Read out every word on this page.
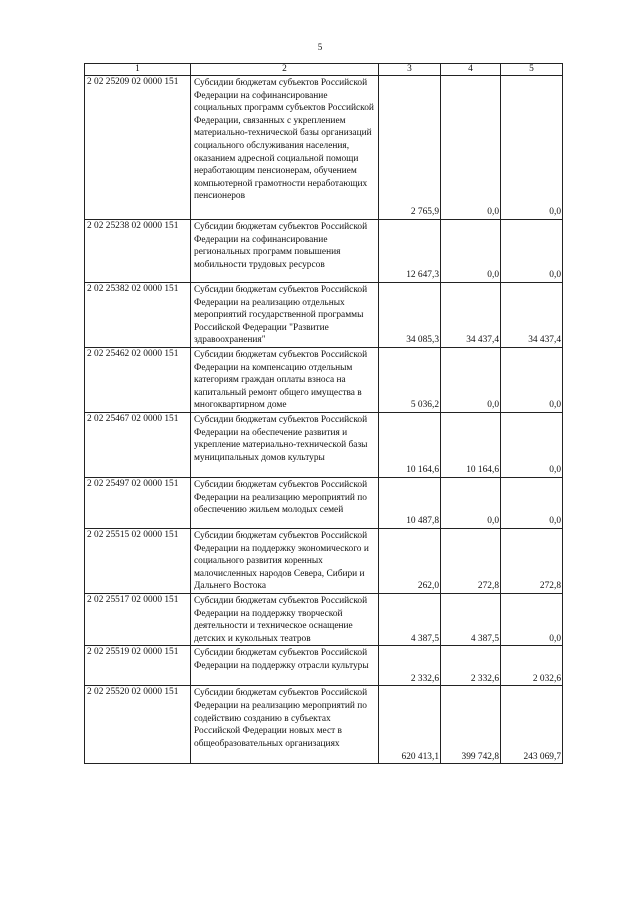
5
1	2	3	4	5
2 02 25209 02 0000 151	Субсидии бюджетам субъектов Российской Федерации на софинансирование социальных программ субъектов Российской Федерации, связанных с укреплением материально-технической базы организаций социального обслуживания населения, оказанием адресной социальной помощи неработающим пенсионерам, обучением компьютерной грамотности неработающих пенсионеров	2 765,9	0,0	0,0
2 02 25238 02 0000 151	Субсидии бюджетам субъектов Российской Федерации на софинансирование региональных программ повышения мобильности трудовых ресурсов	12 647,3	0,0	0,0
2 02 25382 02 0000 151	Субсидии бюджетам субъектов Российской Федерации на реализацию отдельных мероприятий государственной программы Российской Федерации "Развитие здравоохранения"	34 085,3	34 437,4	34 437,4
2 02 25462 02 0000 151	Субсидии бюджетам субъектов Российской Федерации на компенсацию отдельным категориям граждан оплаты взноса на капитальный ремонт общего имущества в многоквартирном доме	5 036,2	0,0	0,0
2 02 25467 02 0000 151	Субсидии бюджетам субъектов Российской Федерации на обеспечение развития и укрепление материально-технической базы муниципальных домов культуры	10 164,6	10 164,6	0,0
2 02 25497 02 0000 151	Субсидии бюджетам субъектов Российской Федерации на реализацию мероприятий по обеспечению жильем молодых семей	10 487,8	0,0	0,0
2 02 25515 02 0000 151	Субсидии бюджетам субъектов Российской Федерации на поддержку экономического и социального развития коренных малочисленных народов Севера, Сибири и Дальнего Востока	262,0	272,8	272,8
2 02 25517 02 0000 151	Субсидии бюджетам субъектов Российской Федерации на поддержку творческой деятельности и техническое оснащение детских и кукольных театров	4 387,5	4 387,5	0,0
2 02 25519 02 0000 151	Субсидии бюджетам субъектов Российской Федерации на поддержку отрасли культуры	2 332,6	2 332,6	2 032,6
2 02 25520 02 0000 151	Субсидии бюджетам субъектов Российской Федерации на реализацию мероприятий по содействию созданию в субъектах Российской Федерации новых мест в общеобразовательных организациях	620 413,1	399 742,8	243 069,7
